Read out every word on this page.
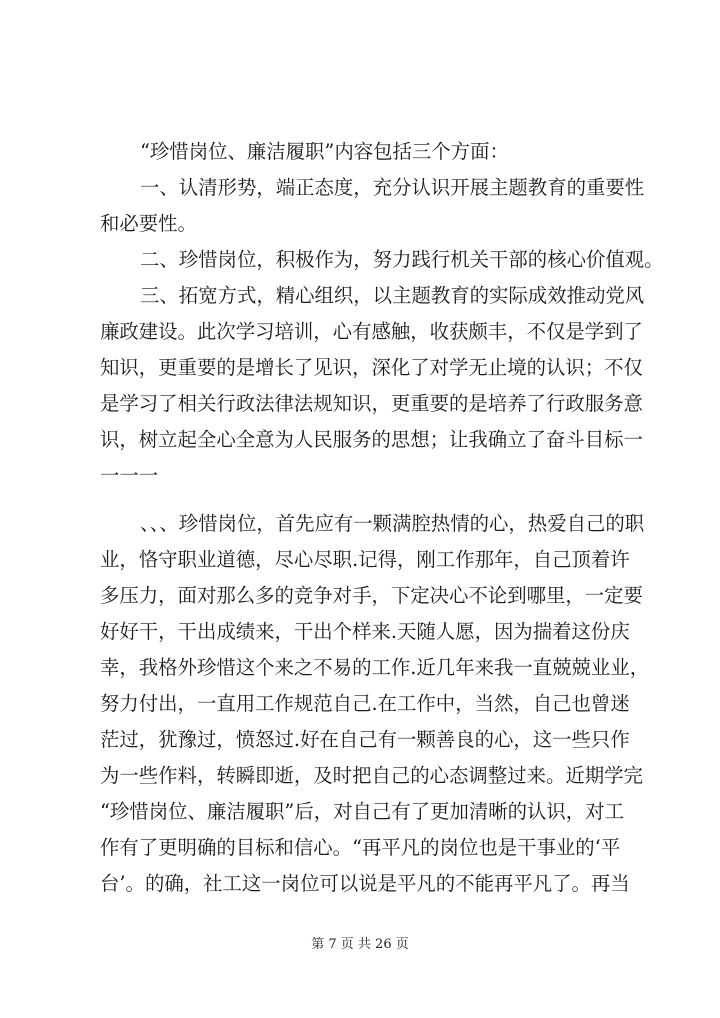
“珍惜岗位、廉洁履职”内容包括三个方面：
一、认清形势，端正态度，充分认识开展主题教育的重要性
和必要性。
二、珍惜岗位，积极作为，努力践行机关干部的核心价值观。
三、拓宽方式，精心组织，以主题教育的实际成效推动党风
廉政建设。此次学习培训，心有感触，收获颇丰，不仅是学到了
知识，更重要的是增长了见识，深化了对学无止境的认识；不仅
是学习了相关行政法律法规知识，更重要的是培养了行政服务意
识，树立起全心全意为人民服务的思想；让我确立了奋斗目标一
一一一
、、、珍惜岗位，首先应有一颗满腔热情的心，热爱自己的职
业，恪守职业道德，尽心尽职.记得，刚工作那年，自己顶着许
多压力，面对那么多的竞争对手，下定决心不论到哪里，一定要
好好干，干出成绩来，干出个样来.天随人愿，因为揣着这份庆
幸，我格外珍惜这个来之不易的工作.近几年来我一直兢兢业业，
努力付出，一直用工作规范自己.在工作中，当然，自己也曾迷
茫过，犹豫过，愤怒过.好在自己有一颗善良的心，这一些只作
为一些作料，转瞬即逝，及时把自己的心态调整过来。近期学完
“珍惜岗位、廉洁履职”后，对自己有了更加清晰的认识，对工
作有了更明确的目标和信心。“再平凡的岗位也是干事业的‘平
台’。的确，社工这一岗位可以说是平凡的不能再平凡了。再当
第 7 页 共 26 页
